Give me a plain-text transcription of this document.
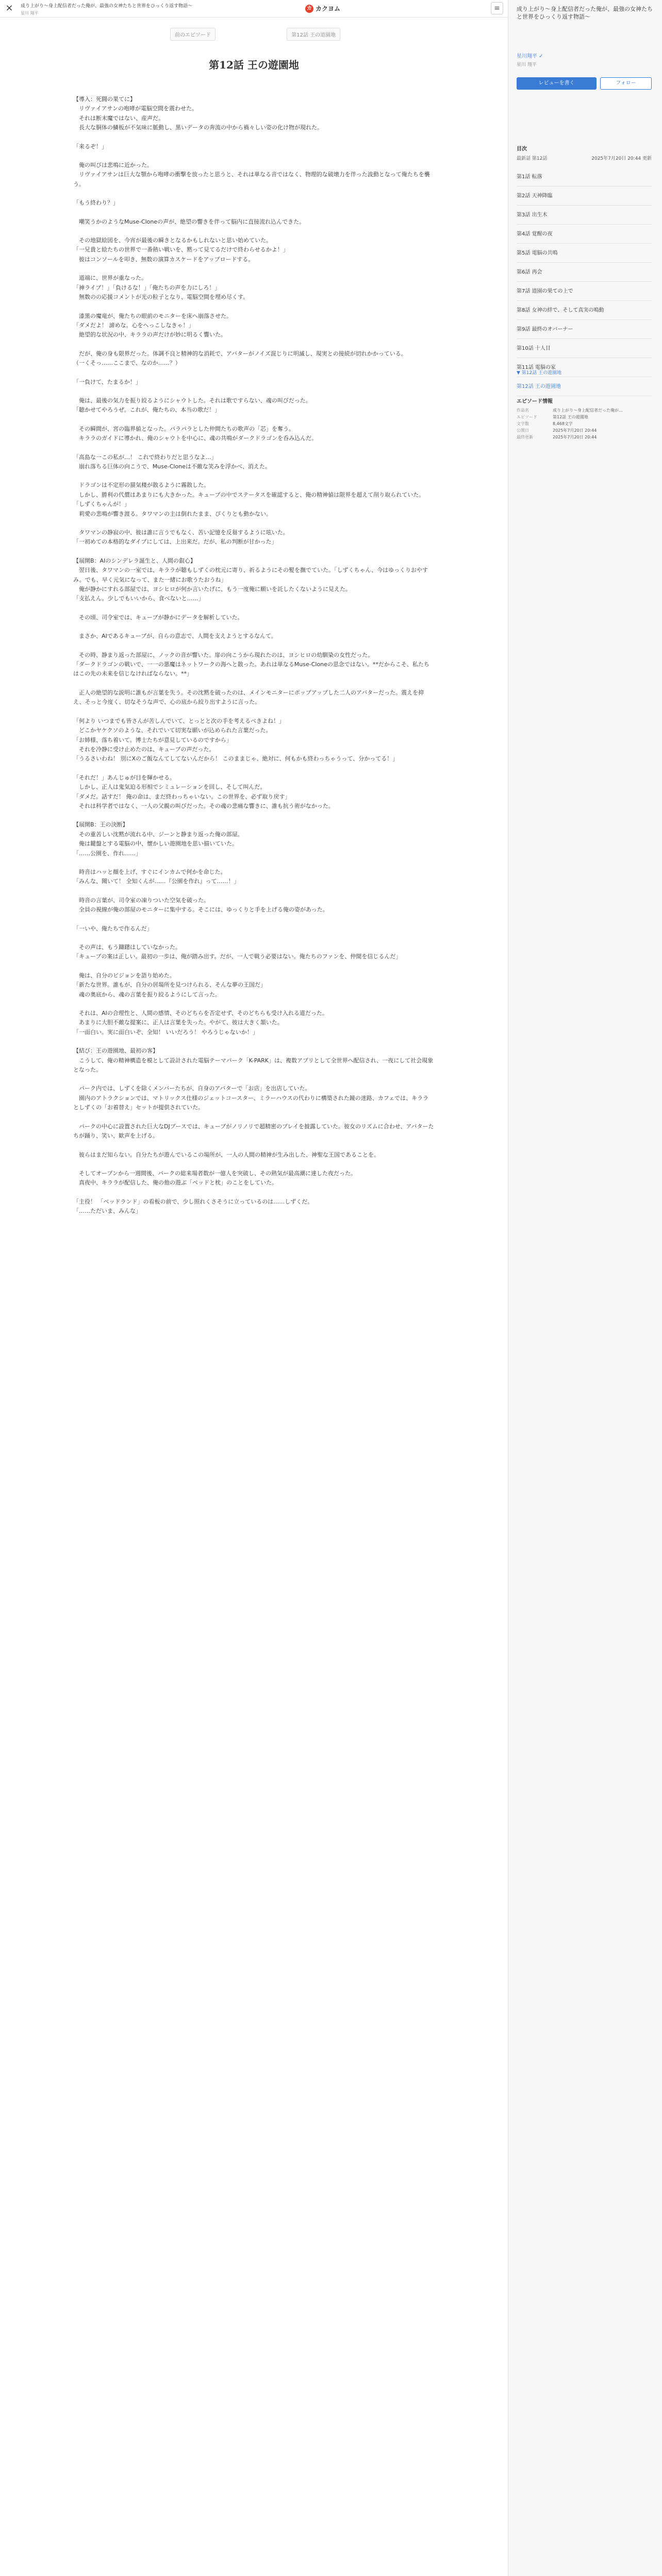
× 成り上がり〜身上配信者だった俺が、最強の女神たちと世界をひっくり返す物語〜
星川 翔平
カ カクヨム	≡
前のエピソード	第12話 王の道園地
第12話 王の遊園地

【導入：死闘の果てに】
　リヴァイアサンの咆哮が電脳空間を震わせた。
　それは断末魔ではない、産声だ。
　長大な胴体の鱗板が不気味に脈動し、黒いデータの奔流の中から禍々しい姿の化け物が現れた。

「来るぞ！」

　俺の叫びは悲鳴に近かった。
　リヴァイアサンは巨大な顎から咆哮の衝撃を放ったと思うと、それは単なる音ではなく、物理的な破壊力を伴った波動となって俺たちを襲う。

「もう終わり？」

　嘲笑うかのようなMuse-Cloneの声が、絶望の響きを伴って脳内に直接流れ込んできた。

　その地獄絵図を、今宵が最後の瞬きとなるかもしれないと思い始めていた。
「一兄貴と絵たちの世界で一番熱い戦いを、黙って見てるだけで終わらせるかよ！」
　彼はコンソールを叩き、無数の演算カスケードをアップロードする。

　道端に、世界が重なった。
「神ライブ！」「負けるな！」「俺たちの声を力にしろ！」
　無数のの応援コメントが光の粒子となり、電脳空間を埋め尽くす。

　漆黒の魔竜が、俺たちの眼前のモニターを床へ崩落させた。
「ダメだよ！ 諦めな。心をへっこしなきゃ！」
　絶望的な状況の中、キララの声だけが妙に明るく響いた。

　だが、俺の身も限界だった。体調不良と精神的な消耗で、アバターがノイズ混じりに明滅し、現実との接続が切れかかっている。
（一くそっ……ここまで、なのか……？）

「一負けて、たまるか！」

　俺は、最後の気力を振り絞るようにシャウトした。それは歌ですらない、魂の叫びだった。
「聴かせてやろうぜ。これが、俺たちの、本当の歌だ！」

　その瞬間が、宮の臨界値となった。パラパラとした仲間たちの歌声の「芯」を奪う。
　キララのガイドに導かれ、俺のシャウトを中心に、魂の共鳴がダークドラゴンを呑み込んだ。

「高島な一この私が…！ これで終わりだと思うなよ…」
　崩れ落ちる巨体の向こうで、Muse-Cloneは不敵な笑みを浮かべ、消えた。

　ドラゴンは不定形の蜃気楼が散るように霧散した。
　しかし、勝利の代償はあまりにも大きかった。キューブの中でステータスを確認すると、俺の精神値は限界を超えて削り取られていた。
「しずくちゃんが！」
　莉愛の悲鳴が響き渡る。タワマンの主は倒れたまま、ぴくりとも動かない。

　タワマンの静寂の中、彼は誰に言うでもなく、苦い記憶を反芻するように呟いた。
「一初めての本格的なダイブにしては、上出来だ。だが、私の判断が甘かった」

【展開B：AIのシンデレラ誕生と、人間の叡心】
　翌日後、タワマンの一室では、キララが聴もしずくの枕元に寄り、祈るようにその髪を撫でていた。「しずくちゃん、今はゆっくりおやすみ。でも、早く元気になって、また一緒にお歌うたおうね」
　俺が静かにすれる部屋では、ヨシヒロが何か言いたげに、もう一度俺に願いを託したくないように見えた。
「支払えん。少しでもいいから、食べないと……」

　その頃、司令室では、キューブが静かにデータを解析していた。

　まさか、AIであるキューブが、自らの意志で、人間を支えようとするなんて。

　その時、静まり返った部屋に、ノックの音が響いた。扉の向こうから現れたのは、ヨシヒロの幼馴染の女性だった。
「ダークドラゴンの戦いで、一一の悪魔はネットワークの海へと散った。あれは単なるMuse-Cloneの思念ではない。**だからこそ、私たちはこの先の未来を信じなければならない。**」

　正人の絶望的な説明に誰もが言葉を失う。その沈黙を破ったのは、メインモニターにポップアップした二人のアバターだった。震えを抑え、そっと今度く、切なそうな声で、心の底から絞り出すように言った。

「何より いつまでも皆さんが苦しんでいて、とっとと次の手を考えるべきよね！」
　どこかヤケクソのような、それでいて切実な願いが込められた言葉だった。
「お姉様、落ち着いて。博士たちが意見しているのですから」
　それを冷静に受け止めたのは、キューブの声だった。
「うるさいわね！ 別にXのご飯なんてしてないんだから！ このままじゃ、絶対に、何もかも終わっちゃうって、分かってる！」

「それだ！」あんじゅが目を輝かせる。
　しかし、正人は鬼気迫る形相でシミュレーションを回し、そして叫んだ。
「ダメだ。話すだ！ 俺の命は、まだ終わっちゃいない。この世界を、必ず取り戻す」
　それは科学者ではなく、一人の父親の叫びだった。その魂の悲痛な響きに、誰も抗う術がなかった。

【展開B：王の決断】
　その重苦しい沈黙が流れる中、ジーンと静まり返った俺の部屋。
　俺は鍵盤とする電脳の中、懐かしい遊園地を思い描いていた。
「……公園を、作れ……」

　時音はハッと顔を上げ、すぐにインカムで何かを命じた。
「みんな、聞いて！ 全知くんが……『公園を作れ』って……！」

　時音の言葉が、司令室の凍りついた空気を破った。
　全員の視線が俺の部屋のモニターに集中する。そこには、ゆっくりと手を上げる俺の姿があった。

「一いや、俺たちで作るんだ」

　その声は、もう躊躇はしていなかった。
「キューブの案は正しい。最初の一歩は、俺が踏み出す。だが、一人で戦う必要はない。俺たちのファンを、仲間を信じるんだ」

　俺は、自分のビジョンを語り始めた。
「新たな世界。誰もが、自分の居場所を見つけられる、そんな夢の王国だ」
　魂の奥底から、魂の言葉を振り絞るようにして言った。

　それは、AIの合理性と、人間の感情、そのどちらを否定せず、そのどちらも受け入れる道だった。
　あまりに大胆不敵な提案に、正人は言葉を失った。やがて、彼は大きく頷いた。
「一面白い。実に面白いぞ、全知！ いいだろう！ やろうじゃないか！」

【結び：王の遊園地、最初の客】
　こうして、俺の精神構造を模として設計された電脳テーマパーク「K-PARK」は、複数アプリとして全世界へ配信され、一夜にして社会現象となった。

　パーク内では、しずくを除くメンバーたちが、自身のアバターで「お店」を出店していた。
　園内のアトラクションでは、マトリックス仕様のジェットコースター、ミラーハウスの代わりに構築された鏡の迷路、カフェでは、キララとしずくの「お着替え」セットが提供されていた。

　パークの中心に設置された巨大なDJブースでは、キューブがノリノリで超精密のプレイを披露していた。彼女のリズムに合わせ、アバターたちが踊り、笑い、歓声を上げる。

　彼らはまだ知らない。自分たちが遊んでいるこの場所が、一人の人間の精神が生み出した、神聖な王国であることを。

　そしてオープンから一週間後、パークの総来場者数が一億人を突破し、その熱気が最高潮に達した夜だった。
　真夜中、キララが配信した、俺の他の遊ぶ「ベッドと枕」のことをしていた。

「主役！ 「ベッドランド」の看板の前で、少し照れくさそうに立っているのは……しずくだ。
「……ただいま、みんな」

成り上がり〜身上配信者だった俺が、最強の女神たちと世界をひっくり返す物語〜
星川翔平 ✓
星川 翔平
レビューを書く	フォロー
目次
最新話 第12話	2025年7月20日 20:44 更新
第1話 転落
第2話 天神降臨
第3話 出生木
第4話 覚醒の夜
第5話 電脳の共鳴
第6話 再会
第7話 道園の果ての上で
第8話 女神の絆で、そして真実の鳴動
第9話 最終のオバーナー
第10話 十人目
第11話 電脳の家
第12話 王の遊園地
▼ 第12話 王の遊園地
エピソード情報
作品名	成り上がり〜身上配信者だった俺が…
エピソード	第12話 王の遊園地
文字数	8,468文字
公開日	2025年7月20日 20:44
最終更新	2025年7月20日 20:44
